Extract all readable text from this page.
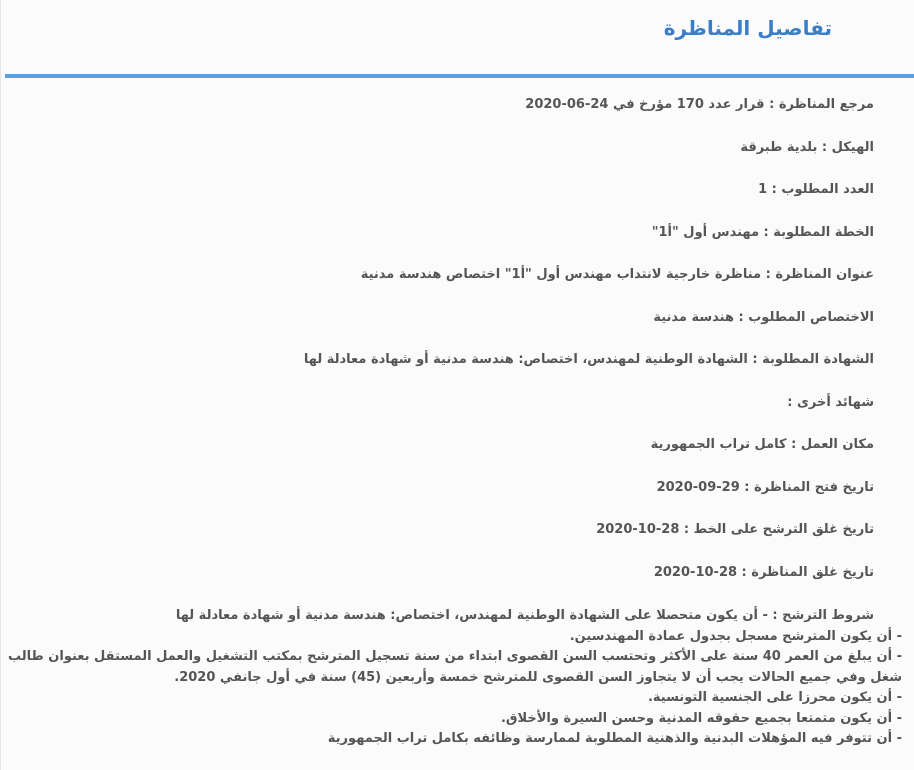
تفاصيل المناظرة
مرجع المناظرة : قرار عدد 170 مؤرخ في 24-06-2020
الهيكل : بلدية طبرقة
العدد المطلوب : 1
الخطة المطلوبة : مهندس أول "أ1"
عنوان المناظرة : مناظرة خارجية لانتداب مهندس أول "أ1" اختصاص هندسة مدنية
الاختصاص المطلوب : هندسة مدنية
الشهادة المطلوبة : الشهادة الوطنية لمهندس، اختصاص: هندسة مدنية أو شهادة معادلة لها
شهائد أخرى :
مكان العمل : كامل تراب الجمهورية
تاريخ فتح المناظرة : 29-09-2020
تاريخ غلق الترشح على الخط : 28-10-2020
تاريخ غلق المناظرة : 28-10-2020
شروط الترشح : - أن يكون متحصلا على الشهادة الوطنية لمهندس، اختصاص: هندسة مدنية أو شهادة معادلة لها

- أن يكون المترشح مسجل بجدول عمادة المهندسين.

- أن يبلغ من العمر 40 سنة على الأكثر وتحتسب السن القصوى ابتداء من سنة تسجيل المترشح بمكتب التشغيل والعمل المستقل بعنوان طالب شغل وفي جميع الحالات يجب أن لا يتجاوز السن القصوى للمترشح خمسة وأربعين (45) سنة في أول جانفي 2020.

- أن يكون محرزا على الجنسية التونسية.

- أن يكون متمتعا بجميع حقوقه المدنية وحسن السيرة والأخلاق.

- أن تتوفر فيه المؤهلات البدنية والذهنية المطلوبة لممارسة وظائفه بكامل تراب الجمهورية
